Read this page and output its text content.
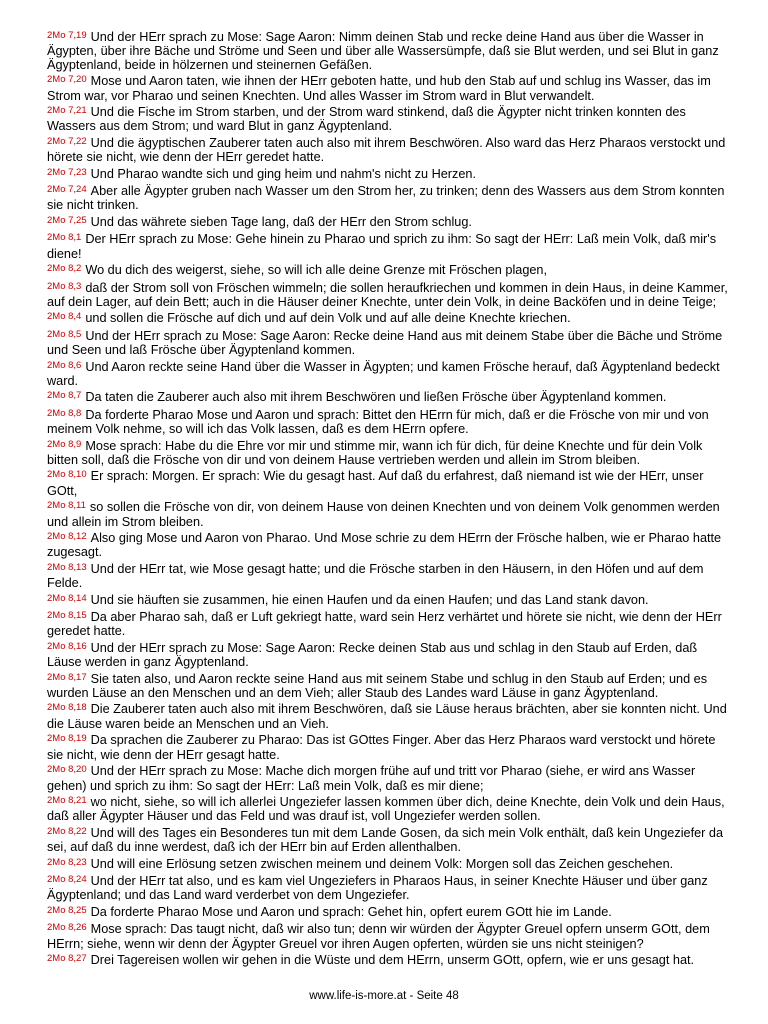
$^{2Mo 7,19}$ Und der HErr sprach zu Mose: Sage Aaron: Nimm deinen Stab und recke deine Hand aus über die Wasser in Ägypten, über ihre Bäche und Ströme und Seen und über alle Wassersümpfe, daß sie Blut werden, und sei Blut in ganz Ägyptenland, beide in hölzernen und steinernen Gefäßen.

$^{2Mo 7,20}$ Mose und Aaron taten, wie ihnen der HErr geboten hatte, und hub den Stab auf und schlug ins Wasser, das im Strom war, vor Pharao und seinen Knechten. Und alles Wasser im Strom ward in Blut verwandelt.

$^{2Mo 7,21}$ Und die Fische im Strom starben, und der Strom ward stinkend, daß die Ägypter nicht trinken konnten des Wassers aus dem Strom; und ward Blut in ganz Ägyptenland.

$^{2Mo 7,22}$ Und die ägyptischen Zauberer taten auch also mit ihrem Beschwören. Also ward das Herz Pharaos verstockt und hörete sie nicht, wie denn der HErr geredet hatte.

$^{2Mo 7,23}$ Und Pharao wandte sich und ging heim und nahm's nicht zu Herzen.

$^{2Mo 7,24}$ Aber alle Ägypter gruben nach Wasser um den Strom her, zu trinken; denn des Wassers aus dem Strom konnten sie nicht trinken.

$^{2Mo 7,25}$ Und das währete sieben Tage lang, daß der HErr den Strom schlug.

$^{2Mo 8,1}$ Der HErr sprach zu Mose: Gehe hinein zu Pharao und sprich zu ihm: So sagt der HErr: Laß mein Volk, daß mir's diene!

$^{2Mo 8,2}$ Wo du dich des weigerst, siehe, so will ich alle deine Grenze mit Fröschen plagen,

$^{2Mo 8,3}$ daß der Strom soll von Fröschen wimmeln; die sollen heraufkriechen und kommen in dein Haus, in deine Kammer, auf dein Lager, auf dein Bett; auch in die Häuser deiner Knechte, unter dein Volk, in deine Backöfen und in deine Teige;

$^{2Mo 8,4}$ und sollen die Frösche auf dich und auf dein Volk und auf alle deine Knechte kriechen.

$^{2Mo 8,5}$ Und der HErr sprach zu Mose: Sage Aaron: Recke deine Hand aus mit deinem Stabe über die Bäche und Ströme und Seen und laß Frösche über Ägyptenland kommen.

$^{2Mo 8,6}$ Und Aaron reckte seine Hand über die Wasser in Ägypten; und kamen Frösche herauf, daß Ägyptenland bedeckt ward.

$^{2Mo 8,7}$ Da taten die Zauberer auch also mit ihrem Beschwören und ließen Frösche über Ägyptenland kommen.

$^{2Mo 8,8}$ Da forderte Pharao Mose und Aaron und sprach: Bittet den HErrn für mich, daß er die Frösche von mir und von meinem Volk nehme, so will ich das Volk lassen, daß es dem HErrn opfere.

$^{2Mo 8,9}$ Mose sprach: Habe du die Ehre vor mir und stimme mir, wann ich für dich, für deine Knechte und für dein Volk bitten soll, daß die Frösche von dir und von deinem Hause vertrieben werden und allein im Strom bleiben.

$^{2Mo 8,10}$ Er sprach: Morgen. Er sprach: Wie du gesagt hast. Auf daß du erfahrest, daß niemand ist wie der HErr, unser GOtt,

$^{2Mo 8,11}$ so sollen die Frösche von dir, von deinem Hause von deinen Knechten und von deinem Volk genommen werden und allein im Strom bleiben.

$^{2Mo 8,12}$ Also ging Mose und Aaron von Pharao. Und Mose schrie zu dem HErrn der Frösche halben, wie er Pharao hatte zugesagt.

$^{2Mo 8,13}$ Und der HErr tat, wie Mose gesagt hatte; und die Frösche starben in den Häusern, in den Höfen und auf dem Felde.

$^{2Mo 8,14}$ Und sie häuften sie zusammen, hie einen Haufen und da einen Haufen; und das Land stank davon.

$^{2Mo 8,15}$ Da aber Pharao sah, daß er Luft gekriegt hatte, ward sein Herz verhärtet und hörete sie nicht, wie denn der HErr geredet hatte.

$^{2Mo 8,16}$ Und der HErr sprach zu Mose: Sage Aaron: Recke deinen Stab aus und schlag in den Staub auf Erden, daß Läuse werden in ganz Ägyptenland.

$^{2Mo 8,17}$ Sie taten also, und Aaron reckte seine Hand aus mit seinem Stabe und schlug in den Staub auf Erden; und es wurden Läuse an den Menschen und an dem Vieh; aller Staub des Landes ward Läuse in ganz Ägyptenland.

$^{2Mo 8,18}$ Die Zauberer taten auch also mit ihrem Beschwören, daß sie Läuse heraus brächten, aber sie konnten nicht. Und die Läuse waren beide an Menschen und an Vieh.

$^{2Mo 8,19}$ Da sprachen die Zauberer zu Pharao: Das ist GOttes Finger. Aber das Herz Pharaos ward verstockt und hörete sie nicht, wie denn der HErr gesagt hatte.

$^{2Mo 8,20}$ Und der HErr sprach zu Mose: Mache dich morgen frühe auf und tritt vor Pharao (siehe, er wird ans Wasser gehen) und sprich zu ihm: So sagt der HErr: Laß mein Volk, daß es mir diene;

$^{2Mo 8,21}$ wo nicht, siehe, so will ich allerlei Ungeziefer lassen kommen über dich, deine Knechte, dein Volk und dein Haus, daß aller Ägypter Häuser und das Feld und was drauf ist, voll Ungeziefer werden sollen.

$^{2Mo 8,22}$ Und will des Tages ein Besonderes tun mit dem Lande Gosen, da sich mein Volk enthält, daß kein Ungeziefer da sei, auf daß du inne werdest, daß ich der HErr bin auf Erden allenthalben.

$^{2Mo 8,23}$ Und will eine Erlösung setzen zwischen meinem und deinem Volk: Morgen soll das Zeichen geschehen.

$^{2Mo 8,24}$ Und der HErr tat also, und es kam viel Ungeziefers in Pharaos Haus, in seiner Knechte Häuser und über ganz Ägyptenland; und das Land ward verderbet von dem Ungeziefer.

$^{2Mo 8,25}$ Da forderte Pharao Mose und Aaron und sprach: Gehet hin, opfert eurem GOtt hie im Lande.

$^{2Mo 8,26}$ Mose sprach: Das taugt nicht, daß wir also tun; denn wir würden der Ägypter Greuel opfern unserm GOtt, dem HErrn; siehe, wenn wir denn der Ägypter Greuel vor ihren Augen opferten, würden sie uns nicht steinigen?

$^{2Mo 8,27}$ Drei Tagereisen wollen wir gehen in die Wüste und dem HErrn, unserm GOtt, opfern, wie er uns gesagt hat.

www.life-is-more.at - Seite 48
